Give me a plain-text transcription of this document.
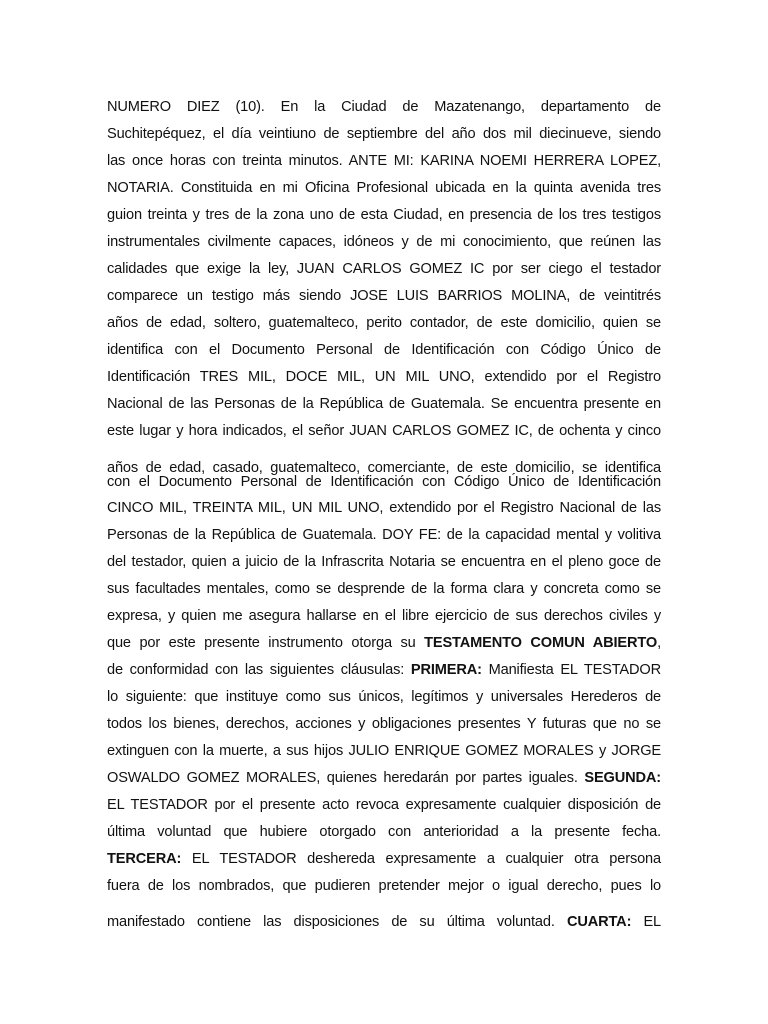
NUMERO DIEZ (10). En la Ciudad de Mazatenango, departamento de
Suchitepéquez, el día veintiuno de septiembre del año dos mil diecinueve, siendo
las once horas con treinta minutos. ANTE MI: KARINA NOEMI HERRERA LOPEZ,
NOTARIA. Constituida en mi Oficina Profesional ubicada en la quinta avenida tres
guion treinta y tres de la zona uno de esta Ciudad, en presencia de los tres testigos
instrumentales civilmente capaces, idóneos y de mi conocimiento, que reúnen las
calidades que exige la ley, JUAN CARLOS GOMEZ IC por ser ciego el testador
comparece un testigo más siendo JOSE LUIS BARRIOS MOLINA, de veintitrés
años de edad, soltero, guatemalteco, perito contador, de este domicilio, quien se
identifica con el Documento Personal de Identificación con Código Único de
Identificación TRES MIL, DOCE MIL, UN MIL UNO, extendido por el Registro
Nacional de las Personas de la República de Guatemala. Se encuentra presente en
este lugar y hora indicados, el señor JUAN CARLOS GOMEZ IC, de ochenta y cinco
años de edad, casado, guatemalteco, comerciante, de este domicilio, se identifica
con el Documento Personal de Identificación con Código Único de Identificación
CINCO MIL, TREINTA MIL, UN MIL UNO, extendido por el Registro Nacional de las
Personas de la República de Guatemala. DOY FE: de la capacidad mental y volitiva
del testador, quien a juicio de la Infrascrita Notaria se encuentra en el pleno goce de
sus facultades mentales, como se desprende de la forma clara y concreta como se
expresa, y quien me asegura hallarse en el libre ejercicio de sus derechos civiles y
que por este presente instrumento otorga su TESTAMENTO COMUN ABIERTO,
de conformidad con las siguientes cláusulas: PRIMERA: Manifiesta EL TESTADOR
lo siguiente: que instituye como sus únicos, legítimos y universales Herederos de
todos los bienes, derechos, acciones y obligaciones presentes Y futuras que no se
extinguen con la muerte, a sus hijos JULIO ENRIQUE GOMEZ MORALES y JORGE
OSWALDO GOMEZ MORALES, quienes heredarán por partes iguales. SEGUNDA:
EL TESTADOR por el presente acto revoca expresamente cualquier disposición de
última voluntad que hubiere otorgado con anterioridad a la presente fecha.
TERCERA: EL TESTADOR deshereda expresamente a cualquier otra persona
fuera de los nombrados, que pudieren pretender mejor o igual derecho, pues lo
manifestado contiene las disposiciones de su última voluntad. CUARTA: EL
